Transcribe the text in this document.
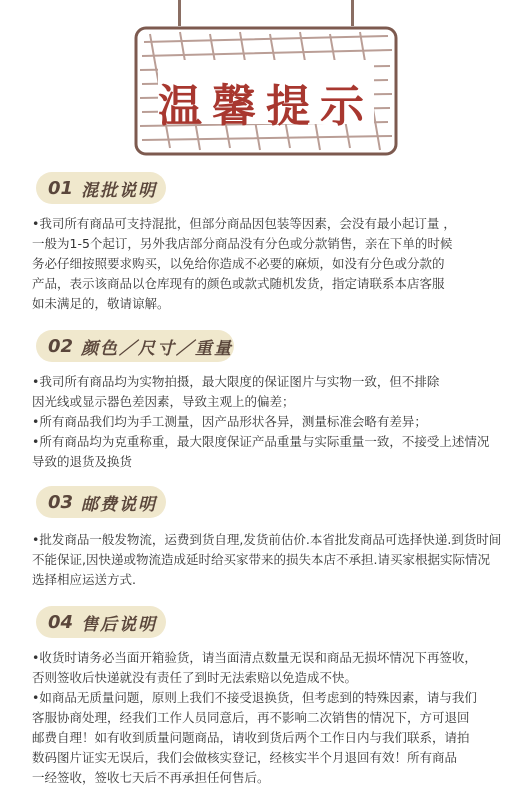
温馨提示
01 混批说明

•我司所有商品可支持混批，但部分商品因包装等因素，会没有最小起订量 ，

一般为1-5个起订，另外我店部分商品没有分色或分款销售，亲在下单的时候

务必仔细按照要求购买，以免给你造成不必要的麻烦，如没有分色或分款的

产品，表示该商品以仓库现有的颜色或款式随机发货，指定请联系本店客服

如未满足的，敬请谅解。

02 颜色／尺寸／重量

•我司所有商品均为实物拍摄，最大限度的保证图片与实物一致，但不排除

因光线或显示器色差因素，导致主观上的偏差；

•所有商品我们均为手工测量，因产品形状各异，测量标准会略有差异；

•所有商品均为克重称重，最大限度保证产品重量与实际重量一致，不接受上述情况

导致的退货及换货

03 邮费说明

•批发商品一般发物流，运费到货自理,发货前估价.本省批发商品可选择快递.到货时间

不能保证,因快递或物流造成延时给买家带来的损失本店不承担.请买家根据实际情况

选择相应运送方式.

04 售后说明

•收货时请务必当面开箱验货，请当面清点数量无误和商品无损坏情况下再签收，

否则签收后快递就没有责任了到时无法索赔以免造成不快。

•如商品无质量问题，原则上我们不接受退换货，但考虑到的特殊因素，请与我们

客服协商处理，经我们工作人员同意后，再不影响二次销售的情况下，方可退回

邮费自理！如有收到质量问题商品，请收到货后两个工作日内与我们联系，请拍

数码图片证实无误后，我们会做核实登记，经核实半个月退回有效！所有商品

一经签收，签收七天后不再承担任何售后。
